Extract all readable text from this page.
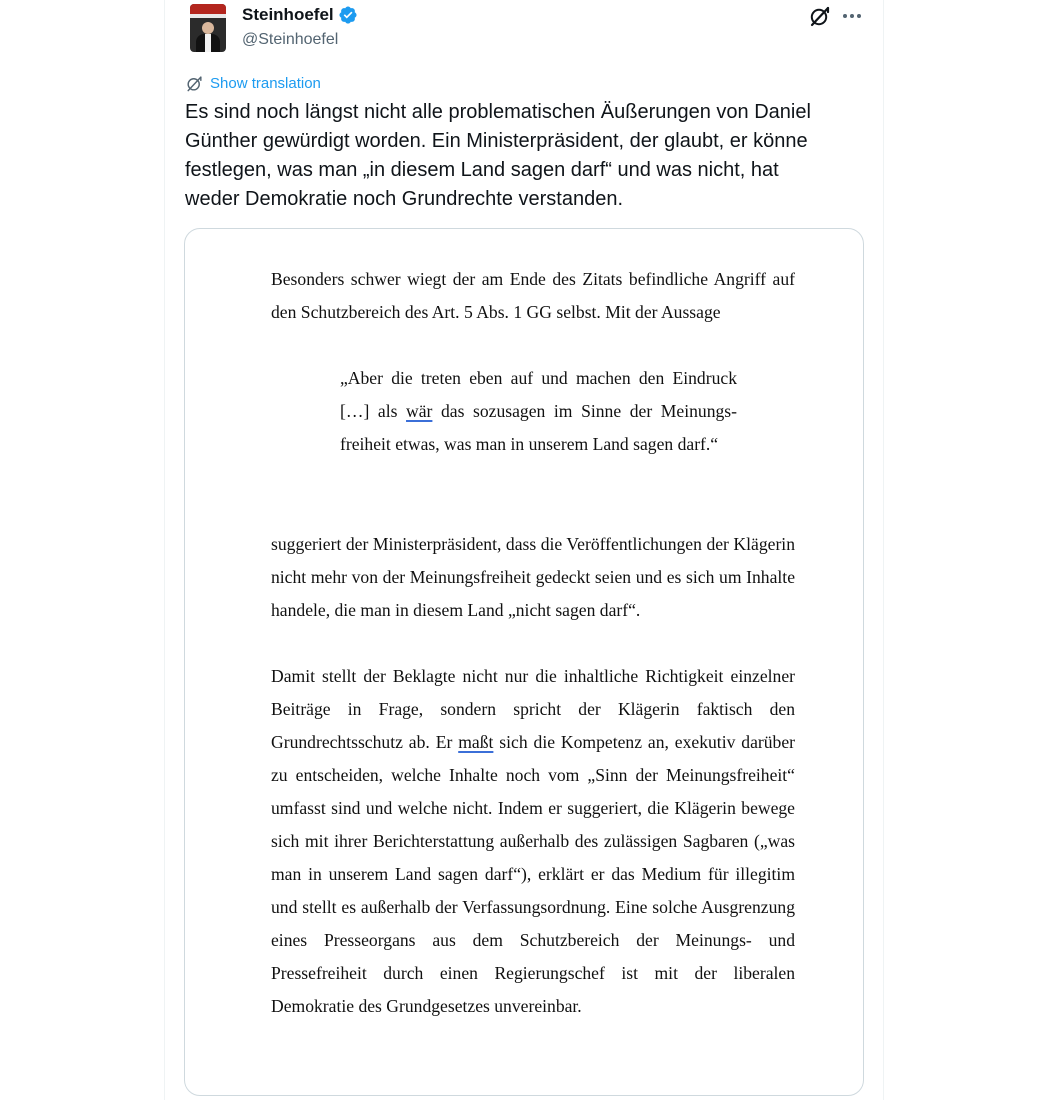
Steinhoefel
@Steinhoefel
Show translation
Es sind noch längst nicht alle problematischen Äußerungen von Daniel
Günther gewürdigt worden. Ein Ministerpräsident, der glaubt, er könne
festlegen, was man „in diesem Land sagen darf“ und was nicht, hat
weder Demokratie noch Grundrechte verstanden.

Besonders schwer wiegt der am Ende des Zitats befindliche Angriff auf den Schutzbereich des Art. 5 Abs. 1 GG selbst. Mit der Aussage

„Aber die treten eben auf und machen den Eindruck […] als wär das sozusagen im Sinne der Meinungsfreiheit etwas, was man in unserem Land sagen darf.“

suggeriert der Ministerpräsident, dass die Veröffentlichungen der Klägerin nicht mehr von der Meinungsfreiheit gedeckt seien und es sich um Inhalte handele, die man in diesem Land „nicht sagen darf“.

Damit stellt der Beklagte nicht nur die inhaltliche Richtigkeit einzelner Beiträge in Frage, sondern spricht der Klägerin faktisch den Grundrechtsschutz ab. Er maßt sich die Kompetenz an, exekutiv darüber zu entscheiden, welche Inhalte noch vom „Sinn der Meinungsfreiheit“ umfasst sind und welche nicht. Indem er suggeriert, die Klägerin bewege sich mit ihrer Berichterstattung außerhalb des zulässigen Sagbaren („was man in unserem Land sagen darf“), erklärt er das Medium für illegitim und stellt es außerhalb der Verfassungsordnung. Eine solche Ausgrenzung eines Presseorgans aus dem Schutzbereich der Meinungs- und Pressefreiheit durch einen Regierungschef ist mit der liberalen Demokratie des Grundgesetzes unvereinbar.
